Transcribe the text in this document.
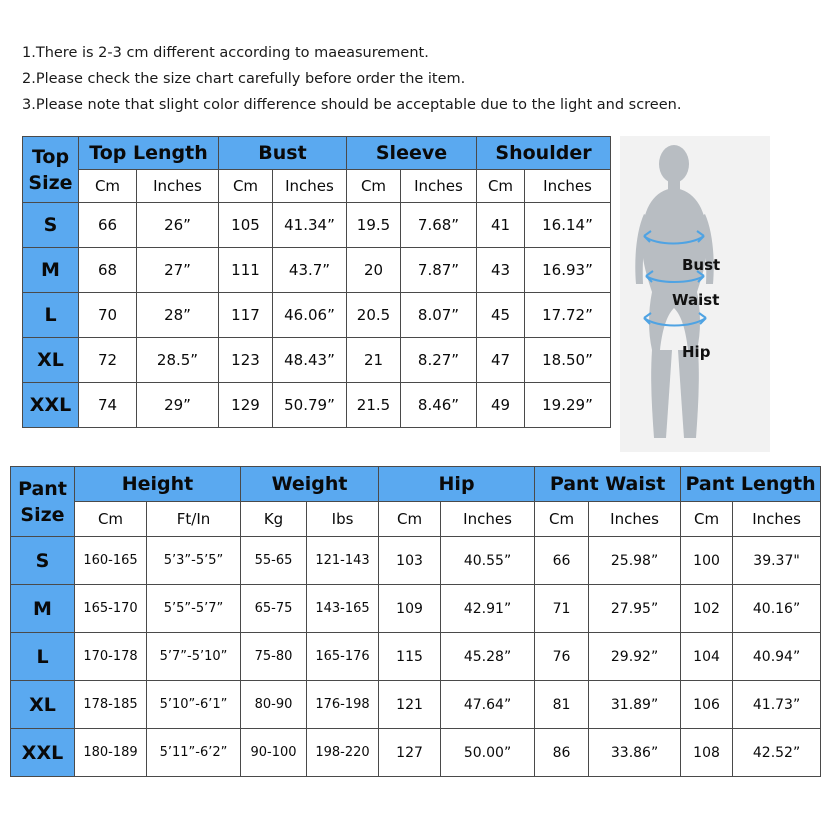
1.There is 2-3 cm different according to maeasurement.
2.Please check the size chart carefully before order the item.
3.Please note that slight color difference should be acceptable due to the light and screen.
Top
Size	Top Length		Bust		Sleeve		Shoulder	
	Cm	Inches	Cm	Inches	Cm	Inches	Cm	Inches
S	66	26”	105	41.34”	19.5	7.68”	41	16.14”
M	68	27”	111	43.7”	20	7.87”	43	16.93”
L	70	28”	117	46.06”	20.5	8.07”	45	17.72”
XL	72	28.5”	123	48.43”	21	8.27”	47	18.50”
XXL	74	29”	129	50.79”	21.5	8.46”	49	19.29”
Bust
Waist
Hip
Pant
Size	Height		Weight		Hip		Pant Waist		Pant Length	
	Cm	Ft/In	Kg	Ibs	Cm	Inches	Cm	Inches	Cm	Inches
S	160-165	5’3”-5’5”	55-65	121-143	103	40.55”	66	25.98”	100	39.37"
M	165-170	5’5”-5’7”	65-75	143-165	109	42.91”	71	27.95”	102	40.16”
L	170-178	5’7”-5’10”	75-80	165-176	115	45.28”	76	29.92”	104	40.94”
XL	178-185	5’10”-6’1”	80-90	176-198	121	47.64”	81	31.89”	106	41.73”
XXL	180-189	5’11”-6’2”	90-100	198-220	127	50.00”	86	33.86”	108	42.52”
